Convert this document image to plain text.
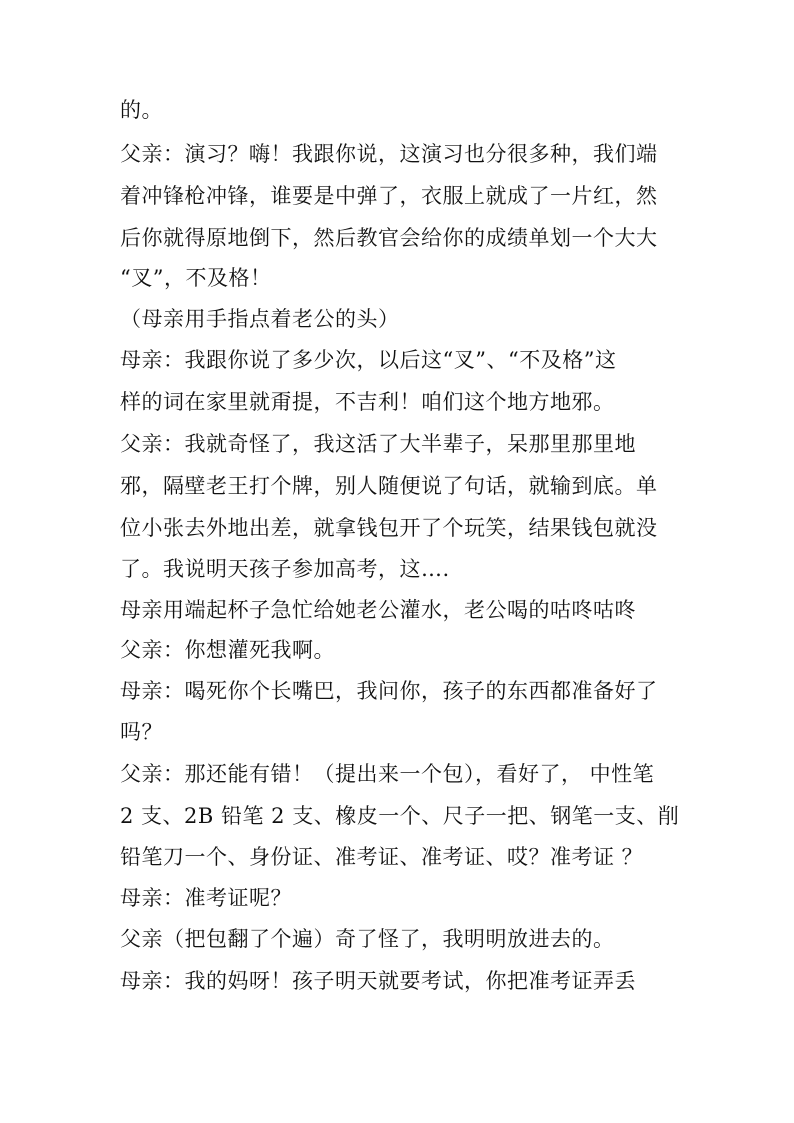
的。
父亲：演习？嗨！我跟你说，这演习也分很多种，我们端
着冲锋枪冲锋，谁要是中弹了，衣服上就成了一片红，然
后你就得原地倒下，然后教官会给你的成绩单划一个大大
“叉”，不及格！
（母亲用手指点着老公的头）
母亲：我跟你说了多少次，以后这“叉”、“不及格”这
样的词在家里就甭提，不吉利！咱们这个地方地邪。
父亲：我就奇怪了，我这活了大半辈子，呆那里那里地
邪，隔壁老王打个牌，别人随便说了句话，就输到底。单
位小张去外地出差，就拿钱包开了个玩笑，结果钱包就没
了。我说明天孩子参加高考，这….
母亲用端起杯子急忙给她老公灌水，老公喝的咕咚咕咚
父亲：你想灌死我啊。
母亲：喝死你个长嘴巴，我问你，孩子的东西都准备好了
吗？
父亲：那还能有错！（提出来一个包），看好了， 中性笔
2 支、2B 铅笔 2 支、橡皮一个、尺子一把、钢笔一支、削
铅笔刀一个、身份证、准考证、准考证、哎？准考证 ？
母亲：准考证呢？
父亲（把包翻了个遍）奇了怪了，我明明放进去的。
母亲：我的妈呀！孩子明天就要考试，你把准考证弄丢
